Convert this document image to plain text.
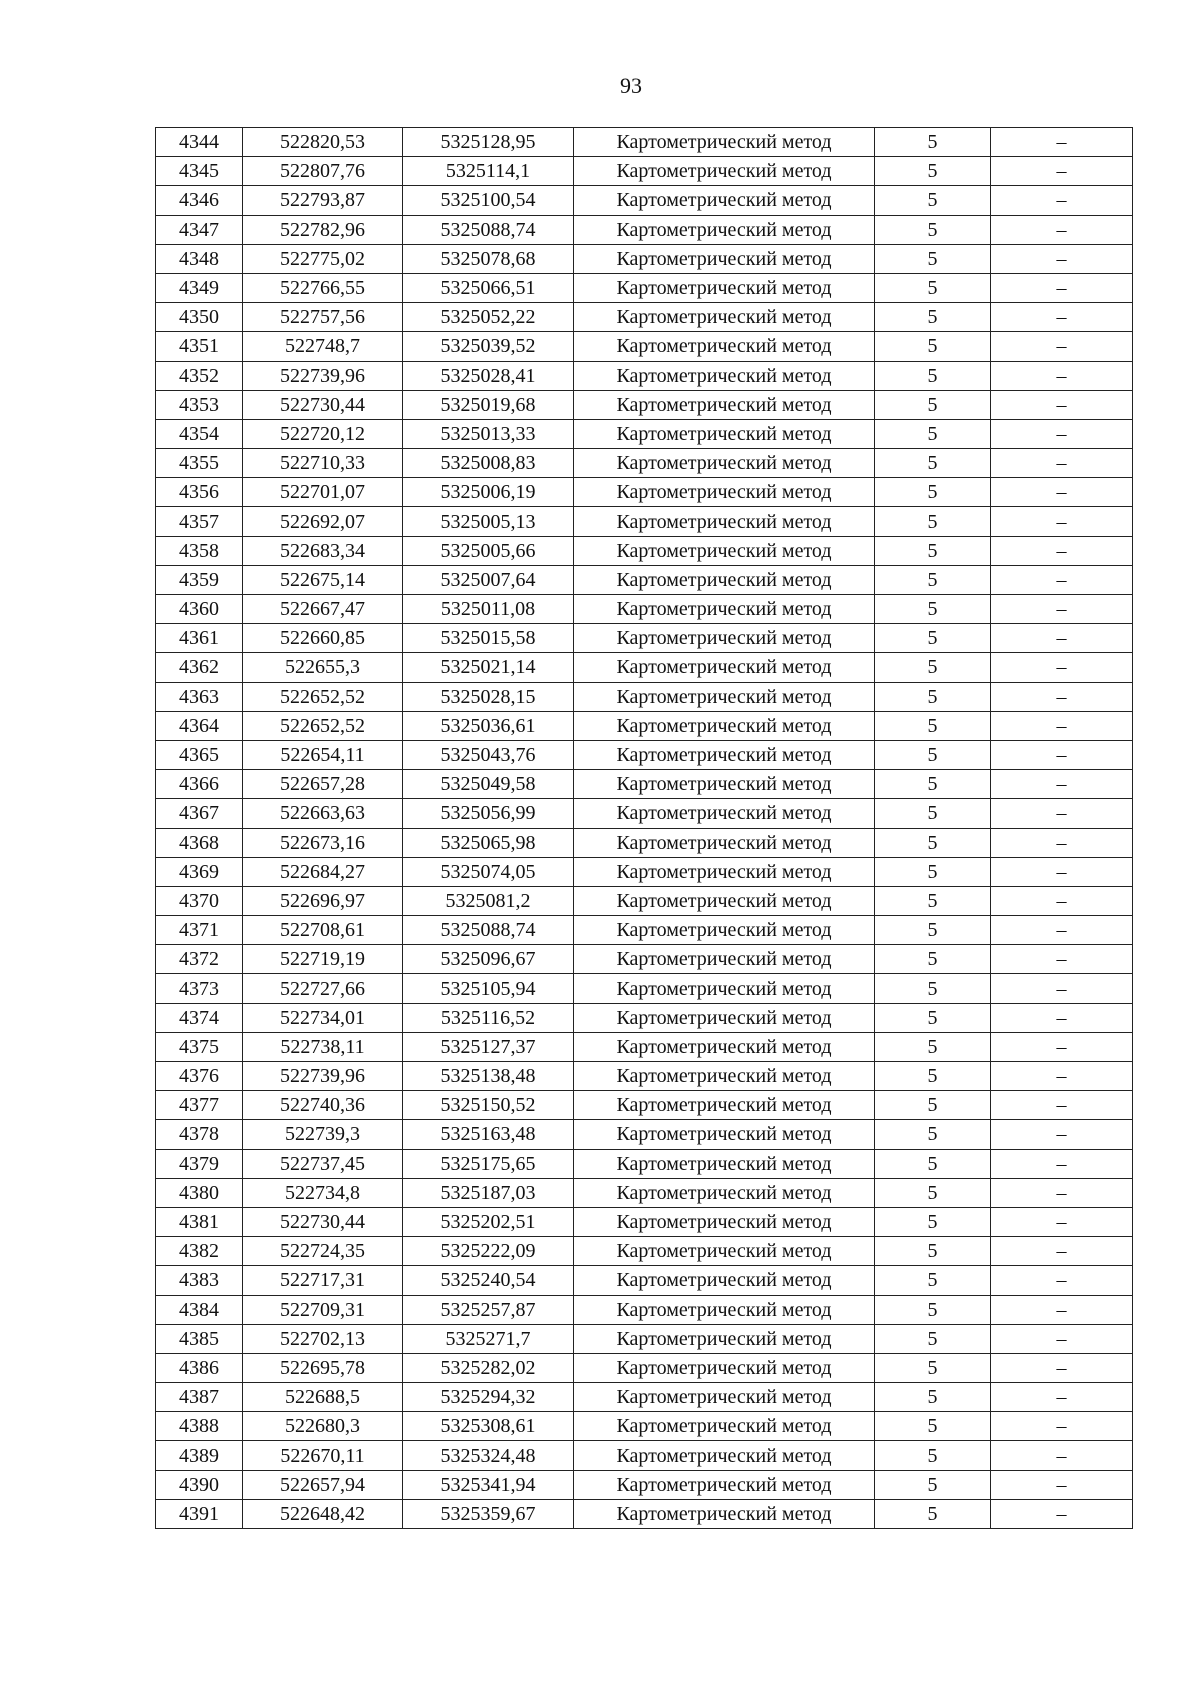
93
4344	522820,53	5325128,95	Картометрический метод	5	–
4345	522807,76	5325114,1	Картометрический метод	5	–
4346	522793,87	5325100,54	Картометрический метод	5	–
4347	522782,96	5325088,74	Картометрический метод	5	–
4348	522775,02	5325078,68	Картометрический метод	5	–
4349	522766,55	5325066,51	Картометрический метод	5	–
4350	522757,56	5325052,22	Картометрический метод	5	–
4351	522748,7	5325039,52	Картометрический метод	5	–
4352	522739,96	5325028,41	Картометрический метод	5	–
4353	522730,44	5325019,68	Картометрический метод	5	–
4354	522720,12	5325013,33	Картометрический метод	5	–
4355	522710,33	5325008,83	Картометрический метод	5	–
4356	522701,07	5325006,19	Картометрический метод	5	–
4357	522692,07	5325005,13	Картометрический метод	5	–
4358	522683,34	5325005,66	Картометрический метод	5	–
4359	522675,14	5325007,64	Картометрический метод	5	–
4360	522667,47	5325011,08	Картометрический метод	5	–
4361	522660,85	5325015,58	Картометрический метод	5	–
4362	522655,3	5325021,14	Картометрический метод	5	–
4363	522652,52	5325028,15	Картометрический метод	5	–
4364	522652,52	5325036,61	Картометрический метод	5	–
4365	522654,11	5325043,76	Картометрический метод	5	–
4366	522657,28	5325049,58	Картометрический метод	5	–
4367	522663,63	5325056,99	Картометрический метод	5	–
4368	522673,16	5325065,98	Картометрический метод	5	–
4369	522684,27	5325074,05	Картометрический метод	5	–
4370	522696,97	5325081,2	Картометрический метод	5	–
4371	522708,61	5325088,74	Картометрический метод	5	–
4372	522719,19	5325096,67	Картометрический метод	5	–
4373	522727,66	5325105,94	Картометрический метод	5	–
4374	522734,01	5325116,52	Картометрический метод	5	–
4375	522738,11	5325127,37	Картометрический метод	5	–
4376	522739,96	5325138,48	Картометрический метод	5	–
4377	522740,36	5325150,52	Картометрический метод	5	–
4378	522739,3	5325163,48	Картометрический метод	5	–
4379	522737,45	5325175,65	Картометрический метод	5	–
4380	522734,8	5325187,03	Картометрический метод	5	–
4381	522730,44	5325202,51	Картометрический метод	5	–
4382	522724,35	5325222,09	Картометрический метод	5	–
4383	522717,31	5325240,54	Картометрический метод	5	–
4384	522709,31	5325257,87	Картометрический метод	5	–
4385	522702,13	5325271,7	Картометрический метод	5	–
4386	522695,78	5325282,02	Картометрический метод	5	–
4387	522688,5	5325294,32	Картометрический метод	5	–
4388	522680,3	5325308,61	Картометрический метод	5	–
4389	522670,11	5325324,48	Картометрический метод	5	–
4390	522657,94	5325341,94	Картометрический метод	5	–
4391	522648,42	5325359,67	Картометрический метод	5	–
